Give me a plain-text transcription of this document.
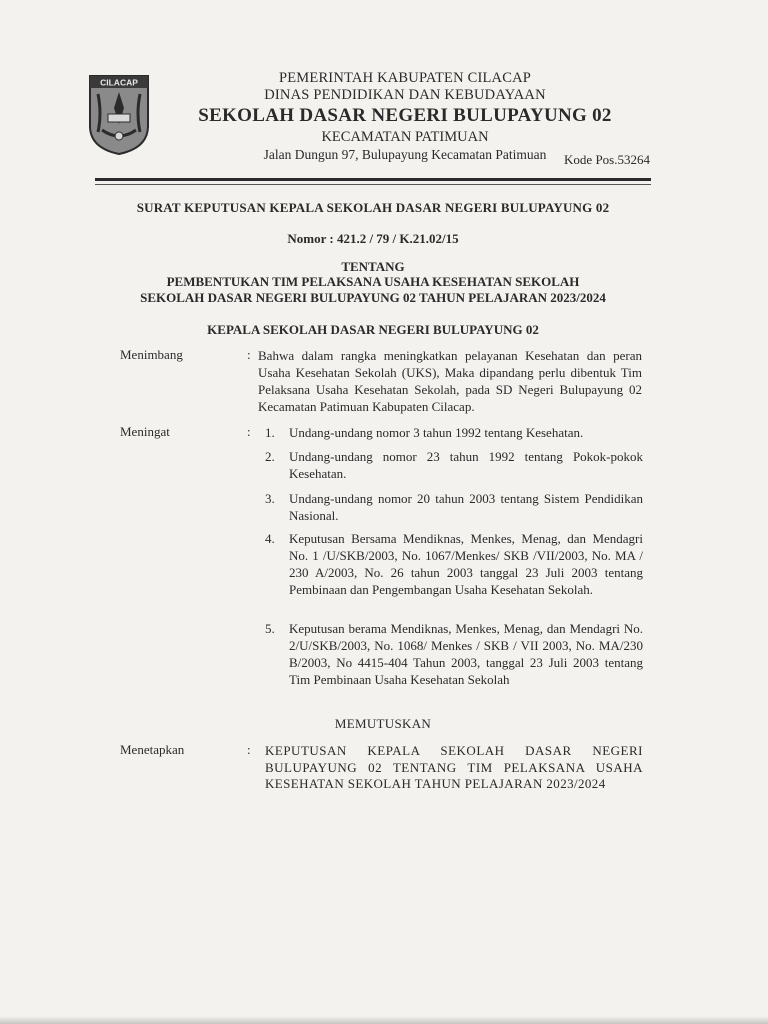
CILACAP	PEMERINTAH KABUPATEN CILACAP
DINAS PENDIDIKAN DAN KEBUDAYAAN
SEKOLAH DASAR NEGERI BULUPAYUNG 02
KECAMATAN PATIMUAN
Jalan Dungun 97, Bulupayung Kecamatan Patimuan	Kode Pos.53264
SURAT KEPUTUSAN KEPALA SEKOLAH DASAR NEGERI BULUPAYUNG 02
Nomor : 421.2 / 79 / K.21.02/15
TENTANG
PEMBENTUKAN TIM PELAKSANA USAHA KESEHATAN SEKOLAH
SEKOLAH DASAR NEGERI BULUPAYUNG 02 TAHUN PELAJARAN 2023/2024
KEPALA SEKOLAH DASAR NEGERI BULUPAYUNG 02
Menimbang	: Bahwa dalam rangka meningkatkan pelayanan Kesehatan dan peran Usaha Kesehatan Sekolah (UKS), Maka dipandang perlu dibentuk Tim Pelaksana Usaha Kesehatan Sekolah, pada SD Negeri Bulupayung 02 Kecamatan Patimuan Kabupaten Cilacap.
Meningat	: 1. Undang-undang nomor 3 tahun 1992 tentang Kesehatan.
2. Undang-undang nomor 23 tahun 1992 tentang Pokok-pokok Kesehatan.
3. Undang-undang nomor 20 tahun 2003 tentang Sistem Pendidikan Nasional.
4. Keputusan Bersama Mendiknas, Menkes, Menag, dan Mendagri No. 1 /U/SKB/2003, No. 1067/Menkes/ SKB /VII/2003, No. MA / 230 A/2003, No. 26 tahun 2003 tanggal 23 Juli 2003 tentang Pembinaan dan Pengembangan Usaha Kesehatan Sekolah.
5. Keputusan berama Mendiknas, Menkes, Menag, dan Mendagri No. 2/U/SKB/2003, No. 1068/ Menkes / SKB / VII 2003, No. MA/230 B/2003, No 4415-404 Tahun 2003, tanggal 23 Juli 2003 tentang Tim Pembinaan Usaha Kesehatan Sekolah
MEMUTUSKAN
Menetapkan	: KEPUTUSAN KEPALA SEKOLAH DASAR NEGERI BULUPAYUNG 02 TENTANG TIM PELAKSANA USAHA
KESEHATAN SEKOLAH TAHUN PELAJARAN 2023/2024
